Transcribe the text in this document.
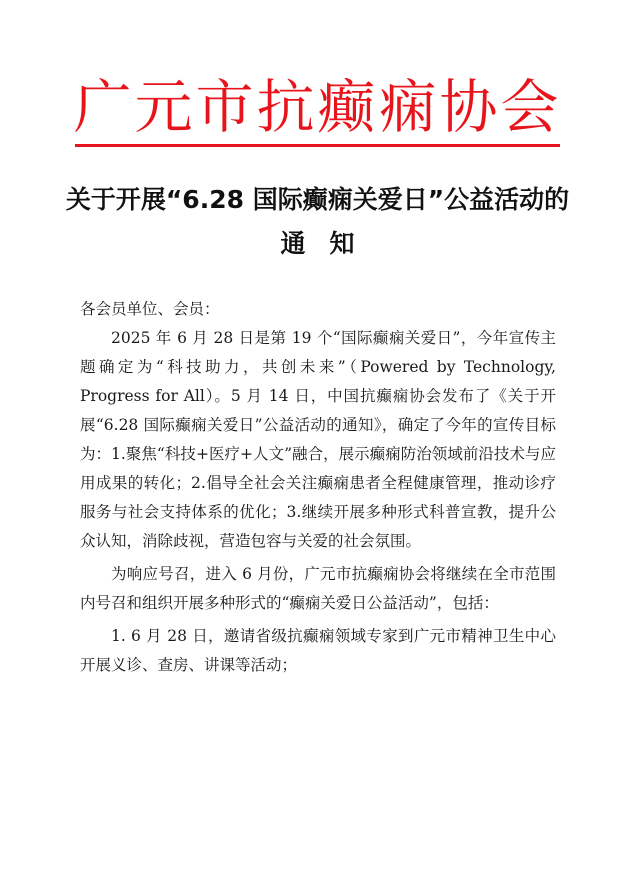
广元市抗癫痫协会
关于开展“6.28 国际癫痫关爱日”公益活动的
通知

各会员单位、会员：

2025 年 6 月 28 日是第 19 个“国际癫痫关爱日”，今年宣传主题确定为“科技助力，共创未来”（Powered by Technology, Progress for All）。5 月 14 日，中国抗癫痫协会发布了《关于开展“6.28 国际癫痫关爱日”公益活动的通知》，确定了今年的宣传目标为：1.聚焦“科技+医疗+人文”融合，展示癫痫防治领域前沿技术与应用成果的转化；2.倡导全社会关注癫痫患者全程健康管理，推动诊疗服务与社会支持体系的优化；3.继续开展多种形式科普宣教，提升公众认知，消除歧视，营造包容与关爱的社会氛围。

为响应号召，进入 6 月份，广元市抗癫痫协会将继续在全市范围内号召和组织开展多种形式的“癫痫关爱日公益活动”，包括：

1. 6 月 28 日，邀请省级抗癫痫领域专家到广元市精神卫生中心开展义诊、查房、讲课等活动；
